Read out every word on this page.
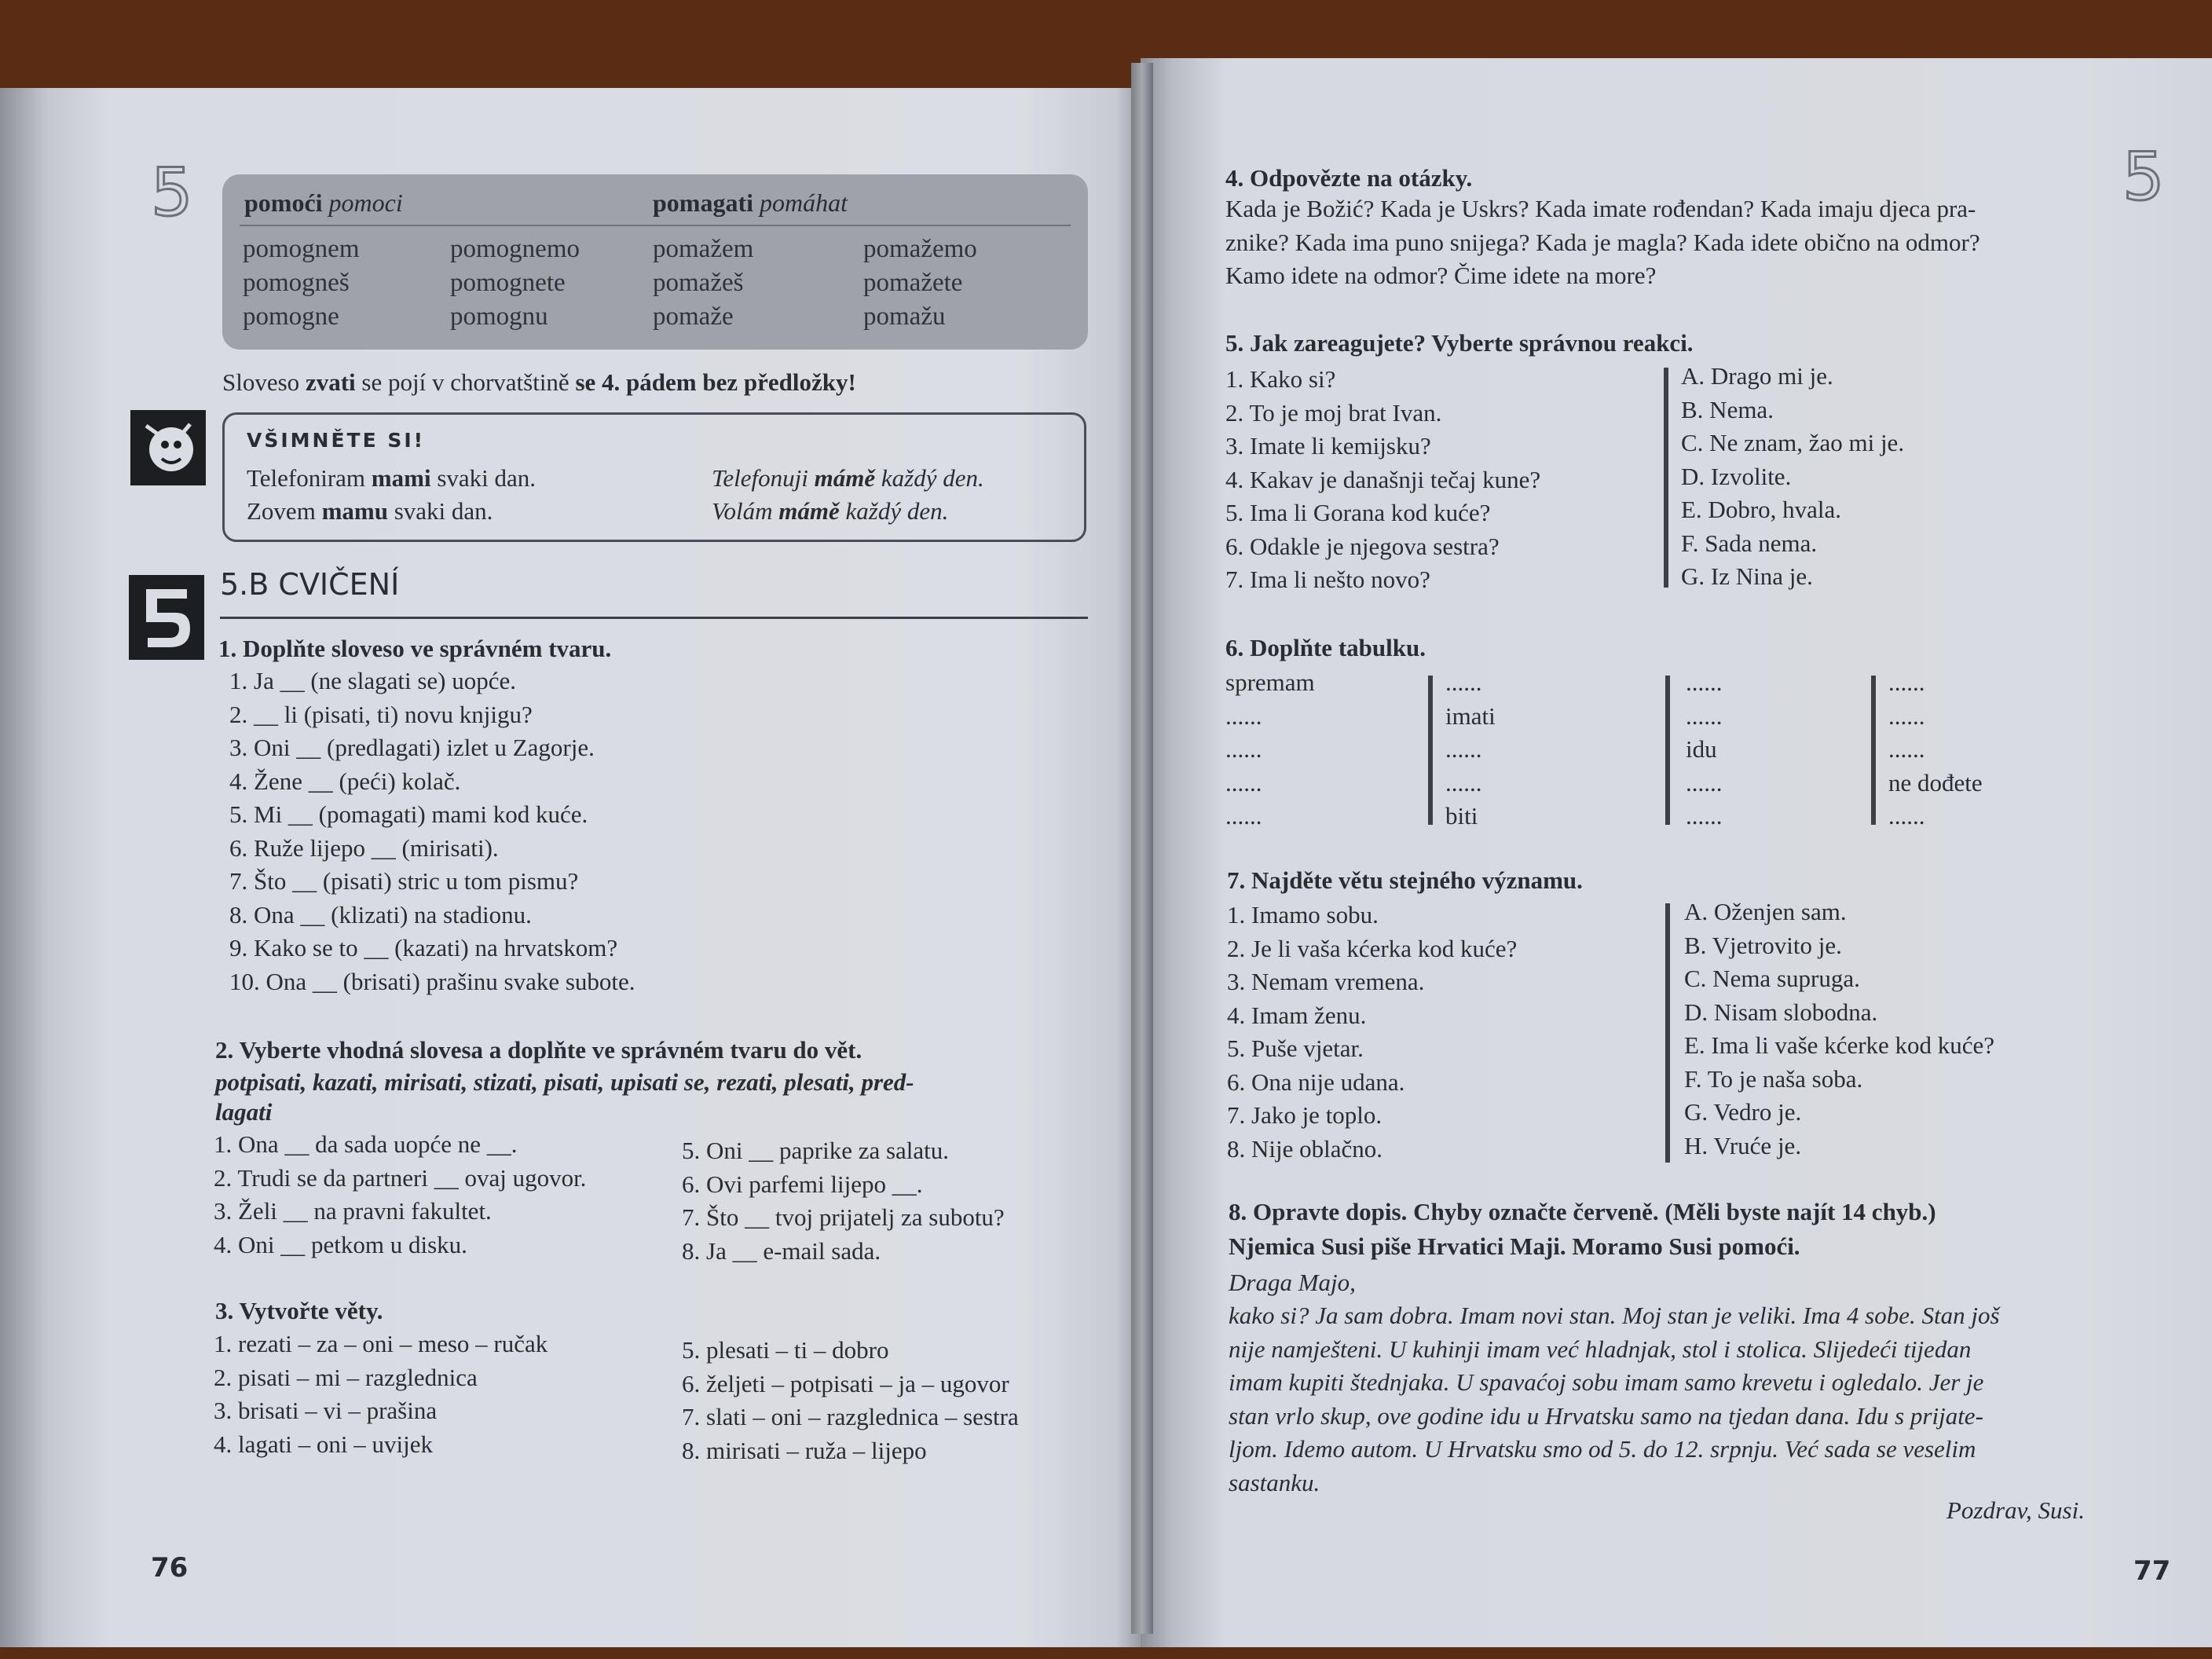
5 pomoći pomoci	pomagati pomáhat
pomognem
pomogneš
pomogne
pomognemo
pomognete
pomognu
pomažem
pomažeš
pomaže
pomažemo
pomažete
pomažu
Sloveso zvati se pojí v chorvatštině se 4. pádem bez předložky!
VŠIMNĚTE SI!
Telefoniram mami svaki dan.
Zovem mamu svaki dan.
Telefonuji mámě každý den.
Volám mámě každý den.
5.B CVIČENÍ
1. Doplňte sloveso ve správném tvaru.
1. Ja __ (ne slagati se) uopće.
2. __ li (pisati, ti) novu knjigu?
3. Oni __ (predlagati) izlet u Zagorje.
4. Žene __ (peći) kolač.
5. Mi __ (pomagati) mami kod kuće.
6. Ruže lijepo __ (mirisati).
7. Što __ (pisati) stric u tom pismu?
8. Ona __ (klizati) na stadionu.
9. Kako se to __ (kazati) na hrvatskom?
10. Ona __ (brisati) prašinu svake subote.
2. Vyberte vhodná slovesa a doplňte ve správném tvaru do vět.
potpisati, kazati, mirisati, stizati, pisati, upisati se, rezati, plesati, pred-
lagati
1. Ona __ da sada uopće ne __.
2. Trudi se da partneri __ ovaj ugovor.
3. Želi __ na pravni fakultet.
4. Oni __ petkom u disku.
5. Oni __ paprike za salatu.
6. Ovi parfemi lijepo __.
7. Što __ tvoj prijatelj za subotu?
8. Ja __ e-mail sada.
3. Vytvořte věty.
1. rezati – za – oni – meso – ručak
2. pisati – mi – razglednica
3. brisati – vi – prašina
4. lagati – oni – uvijek
5. plesati – ti – dobro
6. željeti – potpisati – ja – ugovor
7. slati – oni – razglednica – sestra
8. mirisati – ruža – lijepo
76
5
4. Odpovězte na otázky.
Kada je Božić? Kada je Uskrs? Kada imate rođendan? Kada imaju djeca pra-
znike? Kada ima puno snijega? Kada je magla? Kada idete obično na odmor?
Kamo idete na odmor? Čime idete na more?
5. Jak zareagujete? Vyberte správnou reakci.
1. Kako si?
2. To je moj brat Ivan.
3. Imate li kemijsku?
4. Kakav je današnji tečaj kune?
5. Ima li Gorana kod kuće?
6. Odakle je njegova sestra?
7. Ima li nešto novo?
A. Drago mi je.
B. Nema.
C. Ne znam, žao mi je.
D. Izvolite.
E. Dobro, hvala.
F. Sada nema.
G. Iz Nina je.
6. Doplňte tabulku.
spremam
......
......
......
......
......
imati
......
......
biti
......
......
idu
......
......
......
......
......
ne dođete
......
7. Najděte větu stejného významu.
1. Imamo sobu.
2. Je li vaša kćerka kod kuće?
3. Nemam vremena.
4. Imam ženu.
5. Puše vjetar.
6. Ona nije udana.
7. Jako je toplo.
8. Nije oblačno.
A. Oženjen sam.
B. Vjetrovito je.
C. Nema supruga.
D. Nisam slobodna.
E. Ima li vaše kćerke kod kuće?
F. To je naša soba.
G. Vedro je.
H. Vruće je.
8. Opravte dopis. Chyby označte červeně. (Měli byste najít 14 chyb.)
Njemica Susi piše Hrvatici Maji. Moramo Susi pomoći.
Draga Majo,
kako si? Ja sam dobra. Imam novi stan. Moj stan je veliki. Ima 4 sobe. Stan još
nije namješteni. U kuhinji imam već hladnjak, stol i stolica. Slijedeći tijedan
imam kupiti štednjaka. U spavaćoj sobu imam samo krevetu i ogledalo. Jer je
stan vrlo skup, ove godine idu u Hrvatsku samo na tjedan dana. Idu s prijate-
ljom. Idemo autom. U Hrvatsku smo od 5. do 12. srpnju. Već sada se veselim
sastanku.
Pozdrav, Susi.
77
